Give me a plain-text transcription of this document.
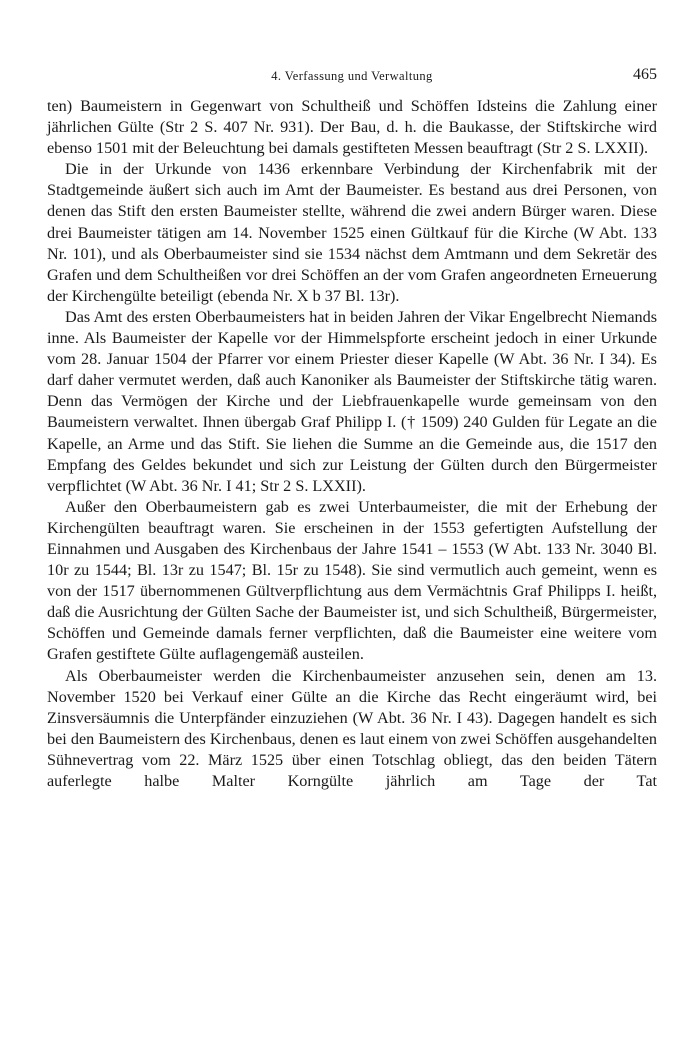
4. Verfassung und Verwaltung	465

ten) Baumeistern in Gegenwart von Schultheiß und Schöffen Idsteins die Zahlung einer jährlichen Gülte (Str 2 S. 407 Nr. 931). Der Bau, d. h. die Baukasse, der Stiftskirche wird ebenso 1501 mit der Beleuchtung bei damals gestifteten Messen beauftragt (Str 2 S. LXXII).

Die in der Urkunde von 1436 erkennbare Verbindung der Kirchenfabrik mit der Stadtgemeinde äußert sich auch im Amt der Baumeister. Es bestand aus drei Personen, von denen das Stift den ersten Baumeister stellte, während die zwei andern Bürger waren. Diese drei Baumeister tätigen am 14. November 1525 einen Gültkauf für die Kirche (W Abt. 133 Nr. 101), und als Oberbaumeister sind sie 1534 nächst dem Amtmann und dem Sekretär des Grafen und dem Schultheißen vor drei Schöffen an der vom Grafen angeordneten Erneuerung der Kirchengülte beteiligt (ebenda Nr. X b 37 Bl. 13r).

Das Amt des ersten Oberbaumeisters hat in beiden Jahren der Vikar Engelbrecht Niemands inne. Als Baumeister der Kapelle vor der Himmelspforte erscheint jedoch in einer Urkunde vom 28. Januar 1504 der Pfarrer vor einem Priester dieser Kapelle (W Abt. 36 Nr. I 34). Es darf daher vermutet werden, daß auch Kanoniker als Baumeister der Stiftskirche tätig waren. Denn das Vermögen der Kirche und der Liebfrauenkapelle wurde gemeinsam von den Baumeistern verwaltet. Ihnen übergab Graf Philipp I. († 1509) 240 Gulden für Legate an die Kapelle, an Arme und das Stift. Sie liehen die Summe an die Gemeinde aus, die 1517 den Empfang des Geldes bekundet und sich zur Leistung der Gülten durch den Bürgermeister verpflichtet (W Abt. 36 Nr. I 41; Str 2 S. LXXII).

Außer den Oberbaumeistern gab es zwei Unterbaumeister, die mit der Erhebung der Kirchengülten beauftragt waren. Sie erscheinen in der 1553 gefertigten Aufstellung der Einnahmen und Ausgaben des Kirchenbaus der Jahre 1541 – 1553 (W Abt. 133 Nr. 3040 Bl. 10r zu 1544; Bl. 13r zu 1547; Bl. 15r zu 1548). Sie sind vermutlich auch gemeint, wenn es von der 1517 übernommenen Gültverpflichtung aus dem Vermächtnis Graf Philipps I. heißt, daß die Ausrichtung der Gülten Sache der Baumeister ist, und sich Schultheiß, Bürgermeister, Schöffen und Gemeinde damals ferner verpflichten, daß die Baumeister eine weitere vom Grafen gestiftete Gülte auflagengemäß austeilen.

Als Oberbaumeister werden die Kirchenbaumeister anzusehen sein, denen am 13. November 1520 bei Verkauf einer Gülte an die Kirche das Recht eingeräumt wird, bei Zinsversäumnis die Unterpfänder einzuziehen (W Abt. 36 Nr. I 43). Dagegen handelt es sich bei den Baumeistern des Kirchenbaus, denen es laut einem von zwei Schöffen ausgehandelten Sühnevertrag vom 22. März 1525 über einen Totschlag obliegt, das den beiden Tätern auferlegte halbe Malter Korngülte jährlich am Tage der Tat
